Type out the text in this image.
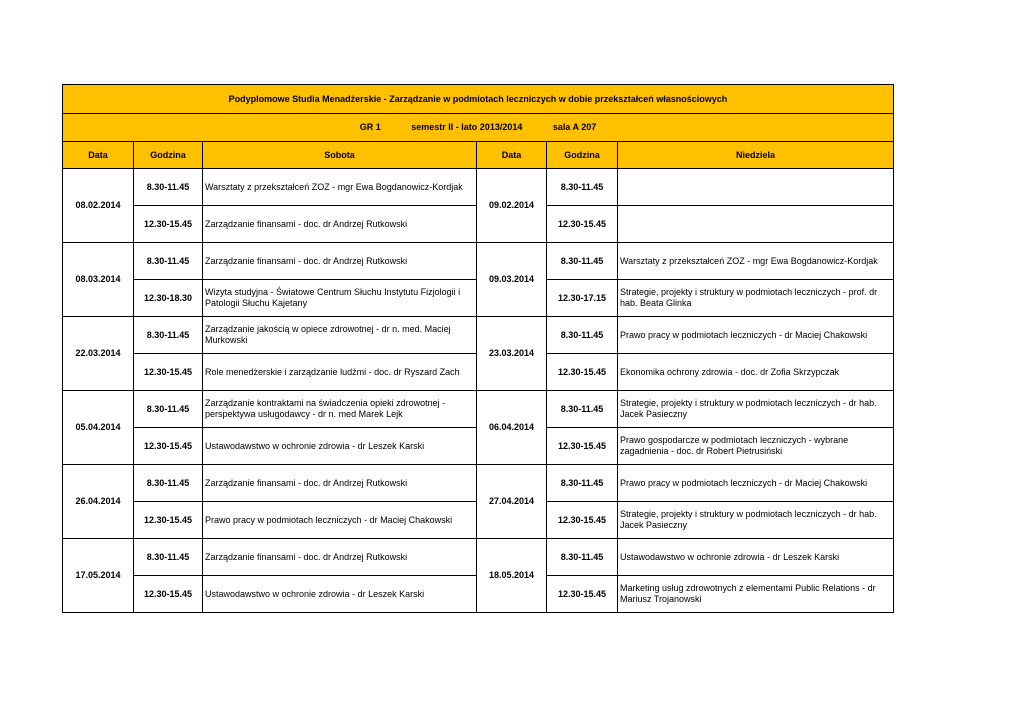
Podyplomowe Studia Menadżerskie - Zarządzanie w podmiotach leczniczych w dobie przekształceń własnościowych					
GR 1 semestr II - lato 2013/2014 sala A 207					
Data	Godzina	Sobota	Data	Godzina	Niedziela
08.02.2014	8.30-11.45	Warsztaty z przekształceń ZOZ - mgr Ewa Bogdanowicz-Kordjak	09.02.2014	8.30-11.45	
	12.30-15.45	Zarządzanie finansami - doc. dr Andrzej Rutkowski		12.30-15.45	
08.03.2014	8.30-11.45	Zarządzanie finansami - doc. dr Andrzej Rutkowski	09.03.2014	8.30-11.45	Warsztaty z przekształceń ZOZ - mgr Ewa Bogdanowicz-Kordjak
	12.30-18.30	Wizyta studyjna - Światowe Centrum Słuchu Instytutu Fizjologii i Patologii Słuchu Kajetany		12.30-17.15	Strategie, projekty i struktury w podmiotach leczniczych - prof. dr hab. Beata Glinka
22.03.2014	8.30-11.45	Zarządzanie jakością w opiece zdrowotnej - dr n. med. Maciej Murkowski	23.03.2014	8.30-11.45	Prawo pracy w podmiotach leczniczych - dr Maciej Chakowski
	12.30-15.45	Role menedżerskie i zarządzanie ludźmi - doc. dr Ryszard Zach		12.30-15.45	Ekonomika ochrony zdrowia - doc. dr Zofia Skrzypczak
05.04.2014	8.30-11.45	Zarządzanie kontraktami na świadczenia opieki zdrowotnej - perspektywa usługodawcy - dr n. med Marek Lejk	06.04.2014	8.30-11.45	Strategie, projekty i struktury w podmiotach leczniczych - dr hab. Jacek Pasieczny
	12.30-15.45	Ustawodawstwo w ochronie zdrowia - dr Leszek Karski		12.30-15.45	Prawo gospodarcze w podmiotach leczniczych - wybrane zagadnienia - doc. dr Robert Pietrusiński
26.04.2014	8.30-11.45	Zarządzanie finansami - doc. dr Andrzej Rutkowski	27.04.2014	8.30-11.45	Prawo pracy w podmiotach leczniczych - dr Maciej Chakowski
	12.30-15.45	Prawo pracy w podmiotach leczniczych - dr Maciej Chakowski		12.30-15.45	Strategie, projekty i struktury w podmiotach leczniczych - dr hab. Jacek Pasieczny
17.05.2014	8.30-11.45	Zarządzanie finansami - doc. dr Andrzej Rutkowski	18.05.2014	8.30-11.45	Ustawodawstwo w ochronie zdrowia - dr Leszek Karski
	12.30-15.45	Ustawodawstwo w ochronie zdrowia - dr Leszek Karski		12.30-15.45	Marketing usług zdrowotnych z elementami Public Relations - dr Mariusz Trojanowski
